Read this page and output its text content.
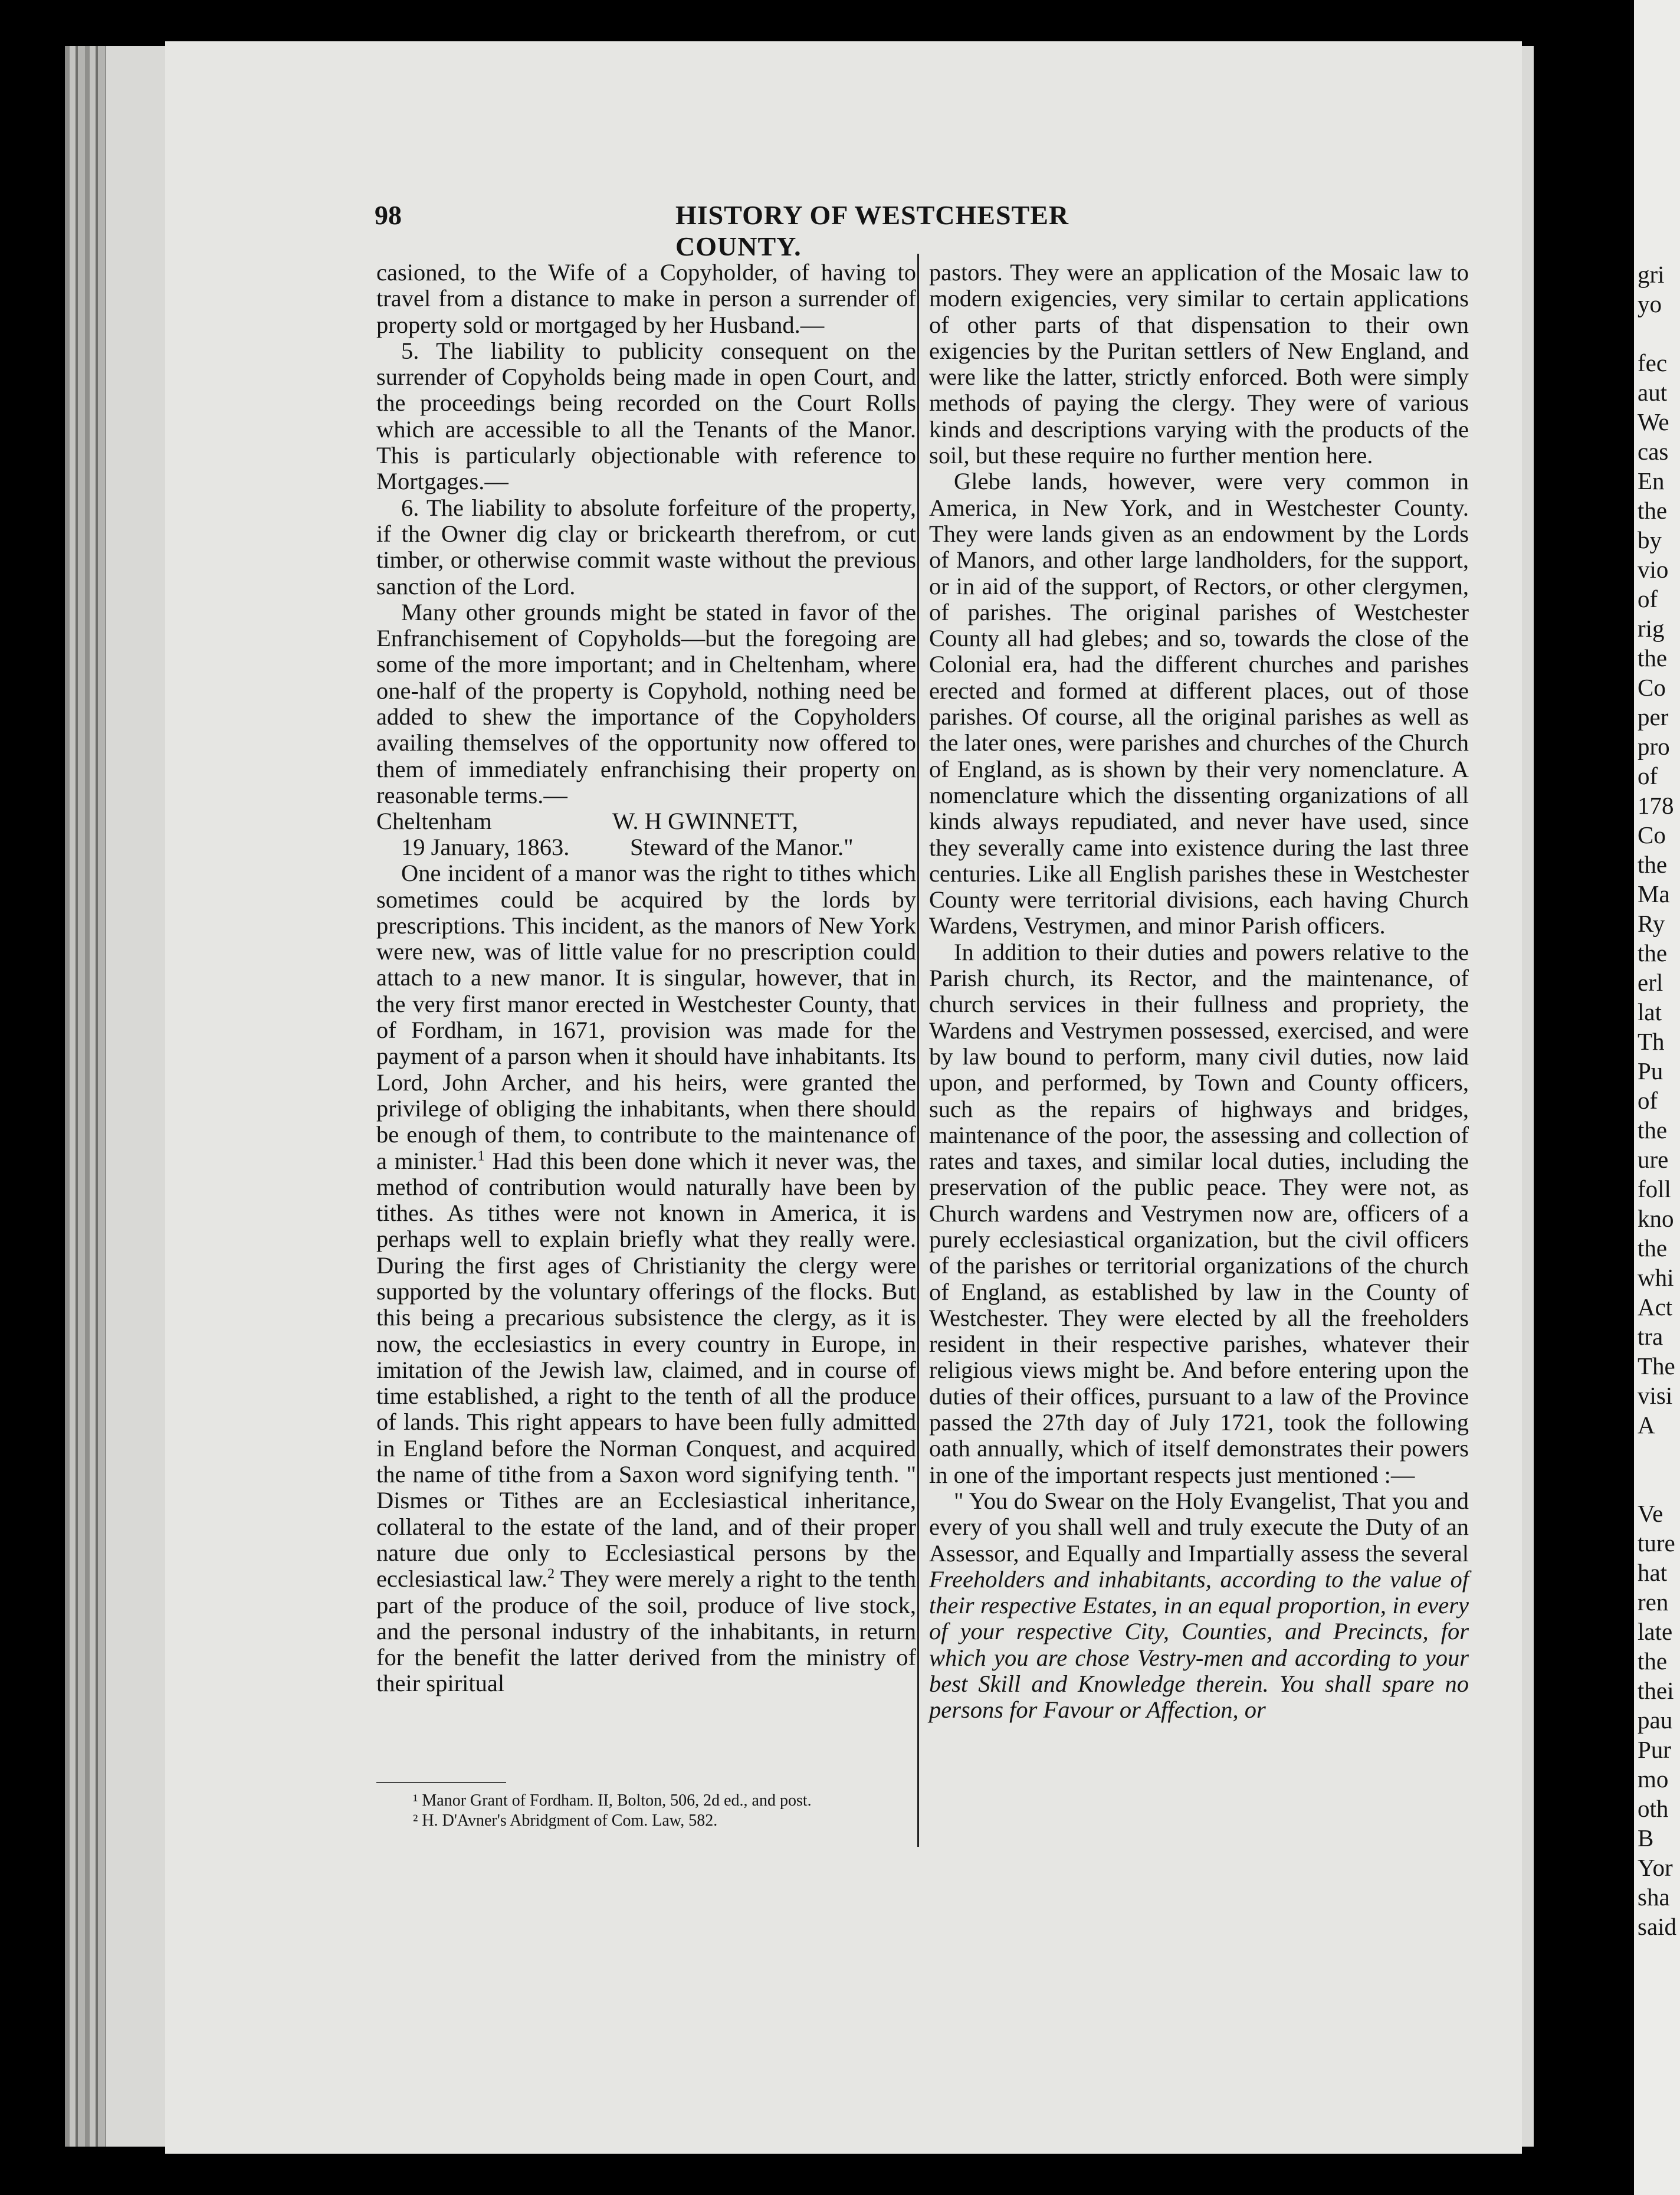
98	HISTORY OF WESTCHESTER COUNTY.

casioned, to the Wife of a Copyholder, of having to travel from a distance to make in person a surrender of property sold or mortgaged by her Husband.—

5. The liability to publicity consequent on the surrender of Copyholds being made in open Court, and the proceedings being recorded on the Court Rolls which are accessible to all the Tenants of the Manor. This is particularly objectionable with reference to Mortgages.—

6. The liability to absolute forfeiture of the property, if the Owner dig clay or brickearth therefrom, or cut timber, or otherwise commit waste without the previous sanction of the Lord.

Many other grounds might be stated in favor of the Enfranchisement of Copyholds—but the foregoing are some of the more important; and in Cheltenham, where one-half of the property is Copyhold, nothing need be added to shew the importance of the Copyholders availing themselves of the opportunity now offered to them of immediately enfranchising their property on reasonable terms.—

Cheltenham	W. H GWINNETT,
19 January, 1863.	Steward of the Manor."

One incident of a manor was the right to tithes which sometimes could be acquired by the lords by prescriptions. This incident, as the manors of New York were new, was of little value for no prescription could attach to a new manor. It is singular, however, that in the very first manor erected in Westchester County, that of Fordham, in 1671, provision was made for the payment of a parson when it should have inhabitants. Its Lord, John Archer, and his heirs, were granted the privilege of obliging the inhabitants, when there should be enough of them, to contribute to the maintenance of a minister.$^1$ Had this been done which it never was, the method of contribution would naturally have been by tithes. As tithes were not known in America, it is perhaps well to explain briefly what they really were. During the first ages of Christianity the clergy were supported by the voluntary offerings of the flocks. But this being a precarious subsistence the clergy, as it is now, the ecclesiastics in every country in Europe, in imitation of the Jewish law, claimed, and in course of time established, a right to the tenth of all the produce of lands. This right appears to have been fully admitted in England before the Norman Conquest, and acquired the name of tithe from a Saxon word signifying tenth. " Dismes or Tithes are an Ecclesiastical inheritance, collateral to the estate of the land, and of their proper nature due only to Ecclesiastical persons by the ecclesiastical law.$^2$ They were merely a right to the tenth part of the produce of the soil, produce of live stock, and the personal industry of the inhabitants, in return for the benefit the latter derived from the ministry of their spiritual

¹ Manor Grant of Fordham. II, Bolton, 506, 2d ed., and post.
² H. D'Avner's Abridgment of Com. Law, 582.

pastors. They were an application of the Mosaic law to modern exigencies, very similar to certain applications of other parts of that dispensation to their own exigencies by the Puritan settlers of New England, and were like the latter, strictly enforced. Both were simply methods of paying the clergy. They were of various kinds and descriptions varying with the products of the soil, but these require no further mention here.

Glebe lands, however, were very common in America, in New York, and in Westchester County. They were lands given as an endowment by the Lords of Manors, and other large landholders, for the support, or in aid of the support, of Rectors, or other clergymen, of parishes. The original parishes of Westchester County all had glebes; and so, towards the close of the Colonial era, had the different churches and parishes erected and formed at different places, out of those parishes. Of course, all the original parishes as well as the later ones, were parishes and churches of the Church of England, as is shown by their very nomenclature. A nomenclature which the dissenting organizations of all kinds always repudiated, and never have used, since they severally came into existence during the last three centuries. Like all English parishes these in Westchester County were territorial divisions, each having Church Wardens, Vestrymen, and minor Parish officers.

In addition to their duties and powers relative to the Parish church, its Rector, and the maintenance, of church services in their fullness and propriety, the Wardens and Vestrymen possessed, exercised, and were by law bound to perform, many civil duties, now laid upon, and performed, by Town and County officers, such as the repairs of highways and bridges, maintenance of the poor, the assessing and collection of rates and taxes, and similar local duties, including the preservation of the public peace. They were not, as Church wardens and Vestrymen now are, officers of a purely ecclesiastical organization, but the civil officers of the parishes or territorial organizations of the church of England, as established by law in the County of Westchester. They were elected by all the freeholders resident in their respective parishes, whatever their religious views might be. And before entering upon the duties of their offices, pursuant to a law of the Province passed the 27th day of July 1721, took the following oath annually, which of itself demonstrates their powers in one of the important respects just mentioned :—

" You do Swear on the Holy Evangelist, That you and every of you shall well and truly execute the Duty of an Assessor, and Equally and Impartially assess the several Freeholders and inhabitants, according to the value of their respective Estates, in an equal proportion, in every of your respective City, Counties, and Precincts, for which you are chose Vestry-men and according to your best Skill and Knowledge therein. You shall spare no persons for Favour or Affection, or

gri
yo

fec
aut
We
cas
En
the
by
vio
of
rig
the
Co
per
pro
of
178
Co
the
Ma
Ry
the
erl
lat
Th
Pu
of
the
ure
foll
kno
the
whi
Act
tra
The
visi
A

Ve
ture
hat
ren
late
the
thei
pau
Pur
mo
oth
B
Yor
sha
said
